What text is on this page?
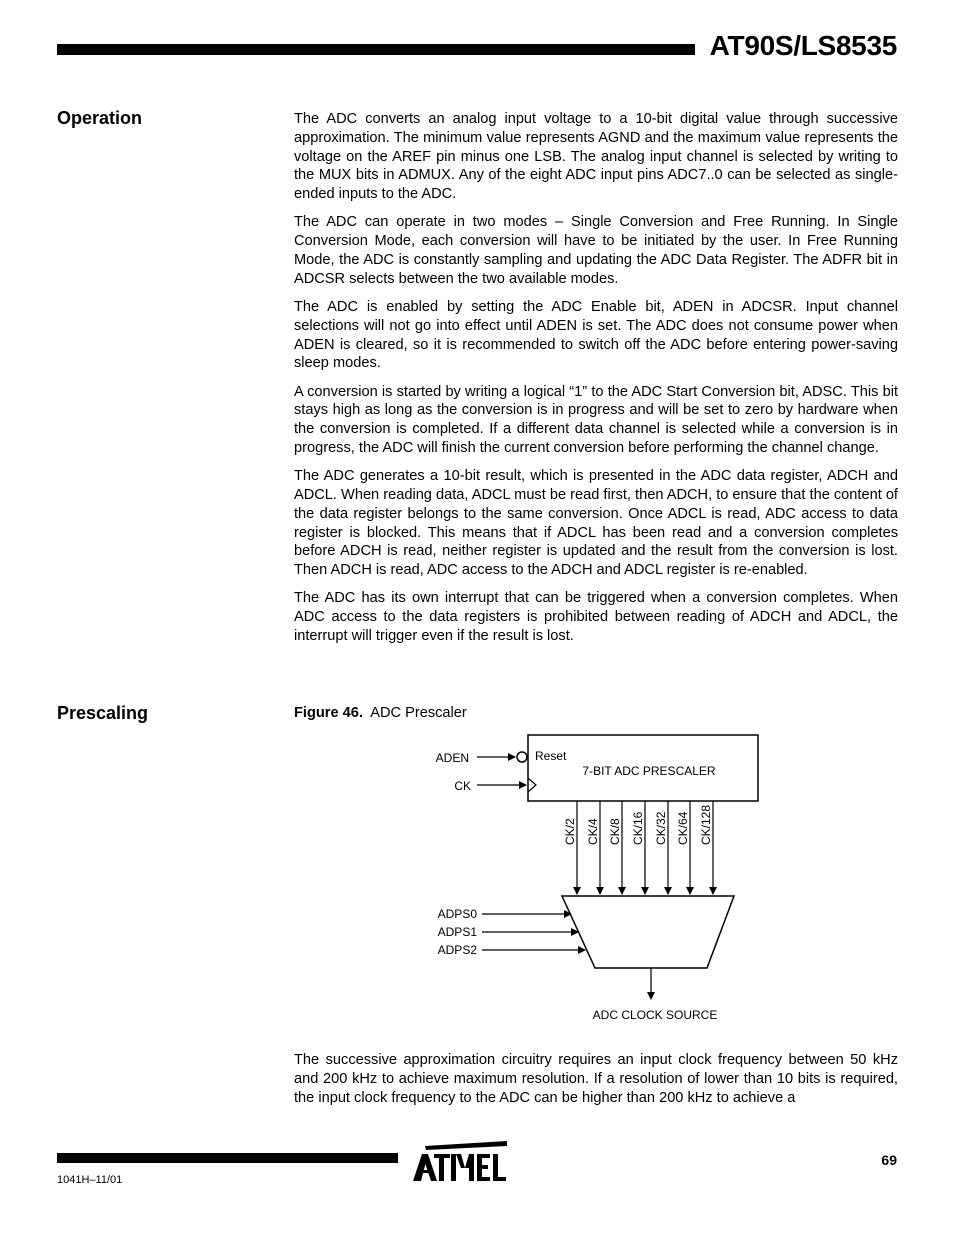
AT90S/LS8535
Operation	The ADC converts an analog input voltage to a 10-bit digital value through successive approximation. The minimum value represents AGND and the maximum value represents the voltage on the AREF pin minus one LSB. The analog input channel is selected by writing to the MUX bits in ADMUX. Any of the eight ADC input pins ADC7..0 can be selected as single-ended inputs to the ADC.

The ADC can operate in two modes – Single Conversion and Free Running. In Single Conversion Mode, each conversion will have to be initiated by the user. In Free Running Mode, the ADC is constantly sampling and updating the ADC Data Register. The ADFR bit in ADCSR selects between the two available modes.

The ADC is enabled by setting the ADC Enable bit, ADEN in ADCSR. Input channel selections will not go into effect until ADEN is set. The ADC does not consume power when ADEN is cleared, so it is recommended to switch off the ADC before entering power-saving sleep modes.

A conversion is started by writing a logical “1” to the ADC Start Conversion bit, ADSC. This bit stays high as long as the conversion is in progress and will be set to zero by hardware when the conversion is completed. If a different data channel is selected while a conversion is in progress, the ADC will finish the current conversion before performing the channel change.

The ADC generates a 10-bit result, which is presented in the ADC data register, ADCH and ADCL. When reading data, ADCL must be read first, then ADCH, to ensure that the content of the data register belongs to the same conversion. Once ADCL is read, ADC access to data register is blocked. This means that if ADCL has been read and a conversion completes before ADCH is read, neither register is updated and the result from the conversion is lost. Then ADCH is read, ADC access to the ADCH and ADCL register is re-enabled.

The ADC has its own interrupt that can be triggered when a conversion completes. When ADC access to the data registers is prohibited between reading of ADCH and ADCL, the interrupt will trigger even if the result is lost.

Prescaling	Figure 46. ADC Prescaler
Reset
7-BIT ADC PRESCALER
ADEN
CK
CK/2 CK/4 CK/8 CK/16 CK/32 CK/64 CK/128
ADPS0
ADPS1
ADPS2
ADC CLOCK SOURCE

The successive approximation circuitry requires an input clock frequency between 50 kHz and 200 kHz to achieve maximum resolution. If a resolution of lower than 10 bits is required, the input clock frequency to the ADC can be higher than 200 kHz to achieve a

69
1041H–11/01
